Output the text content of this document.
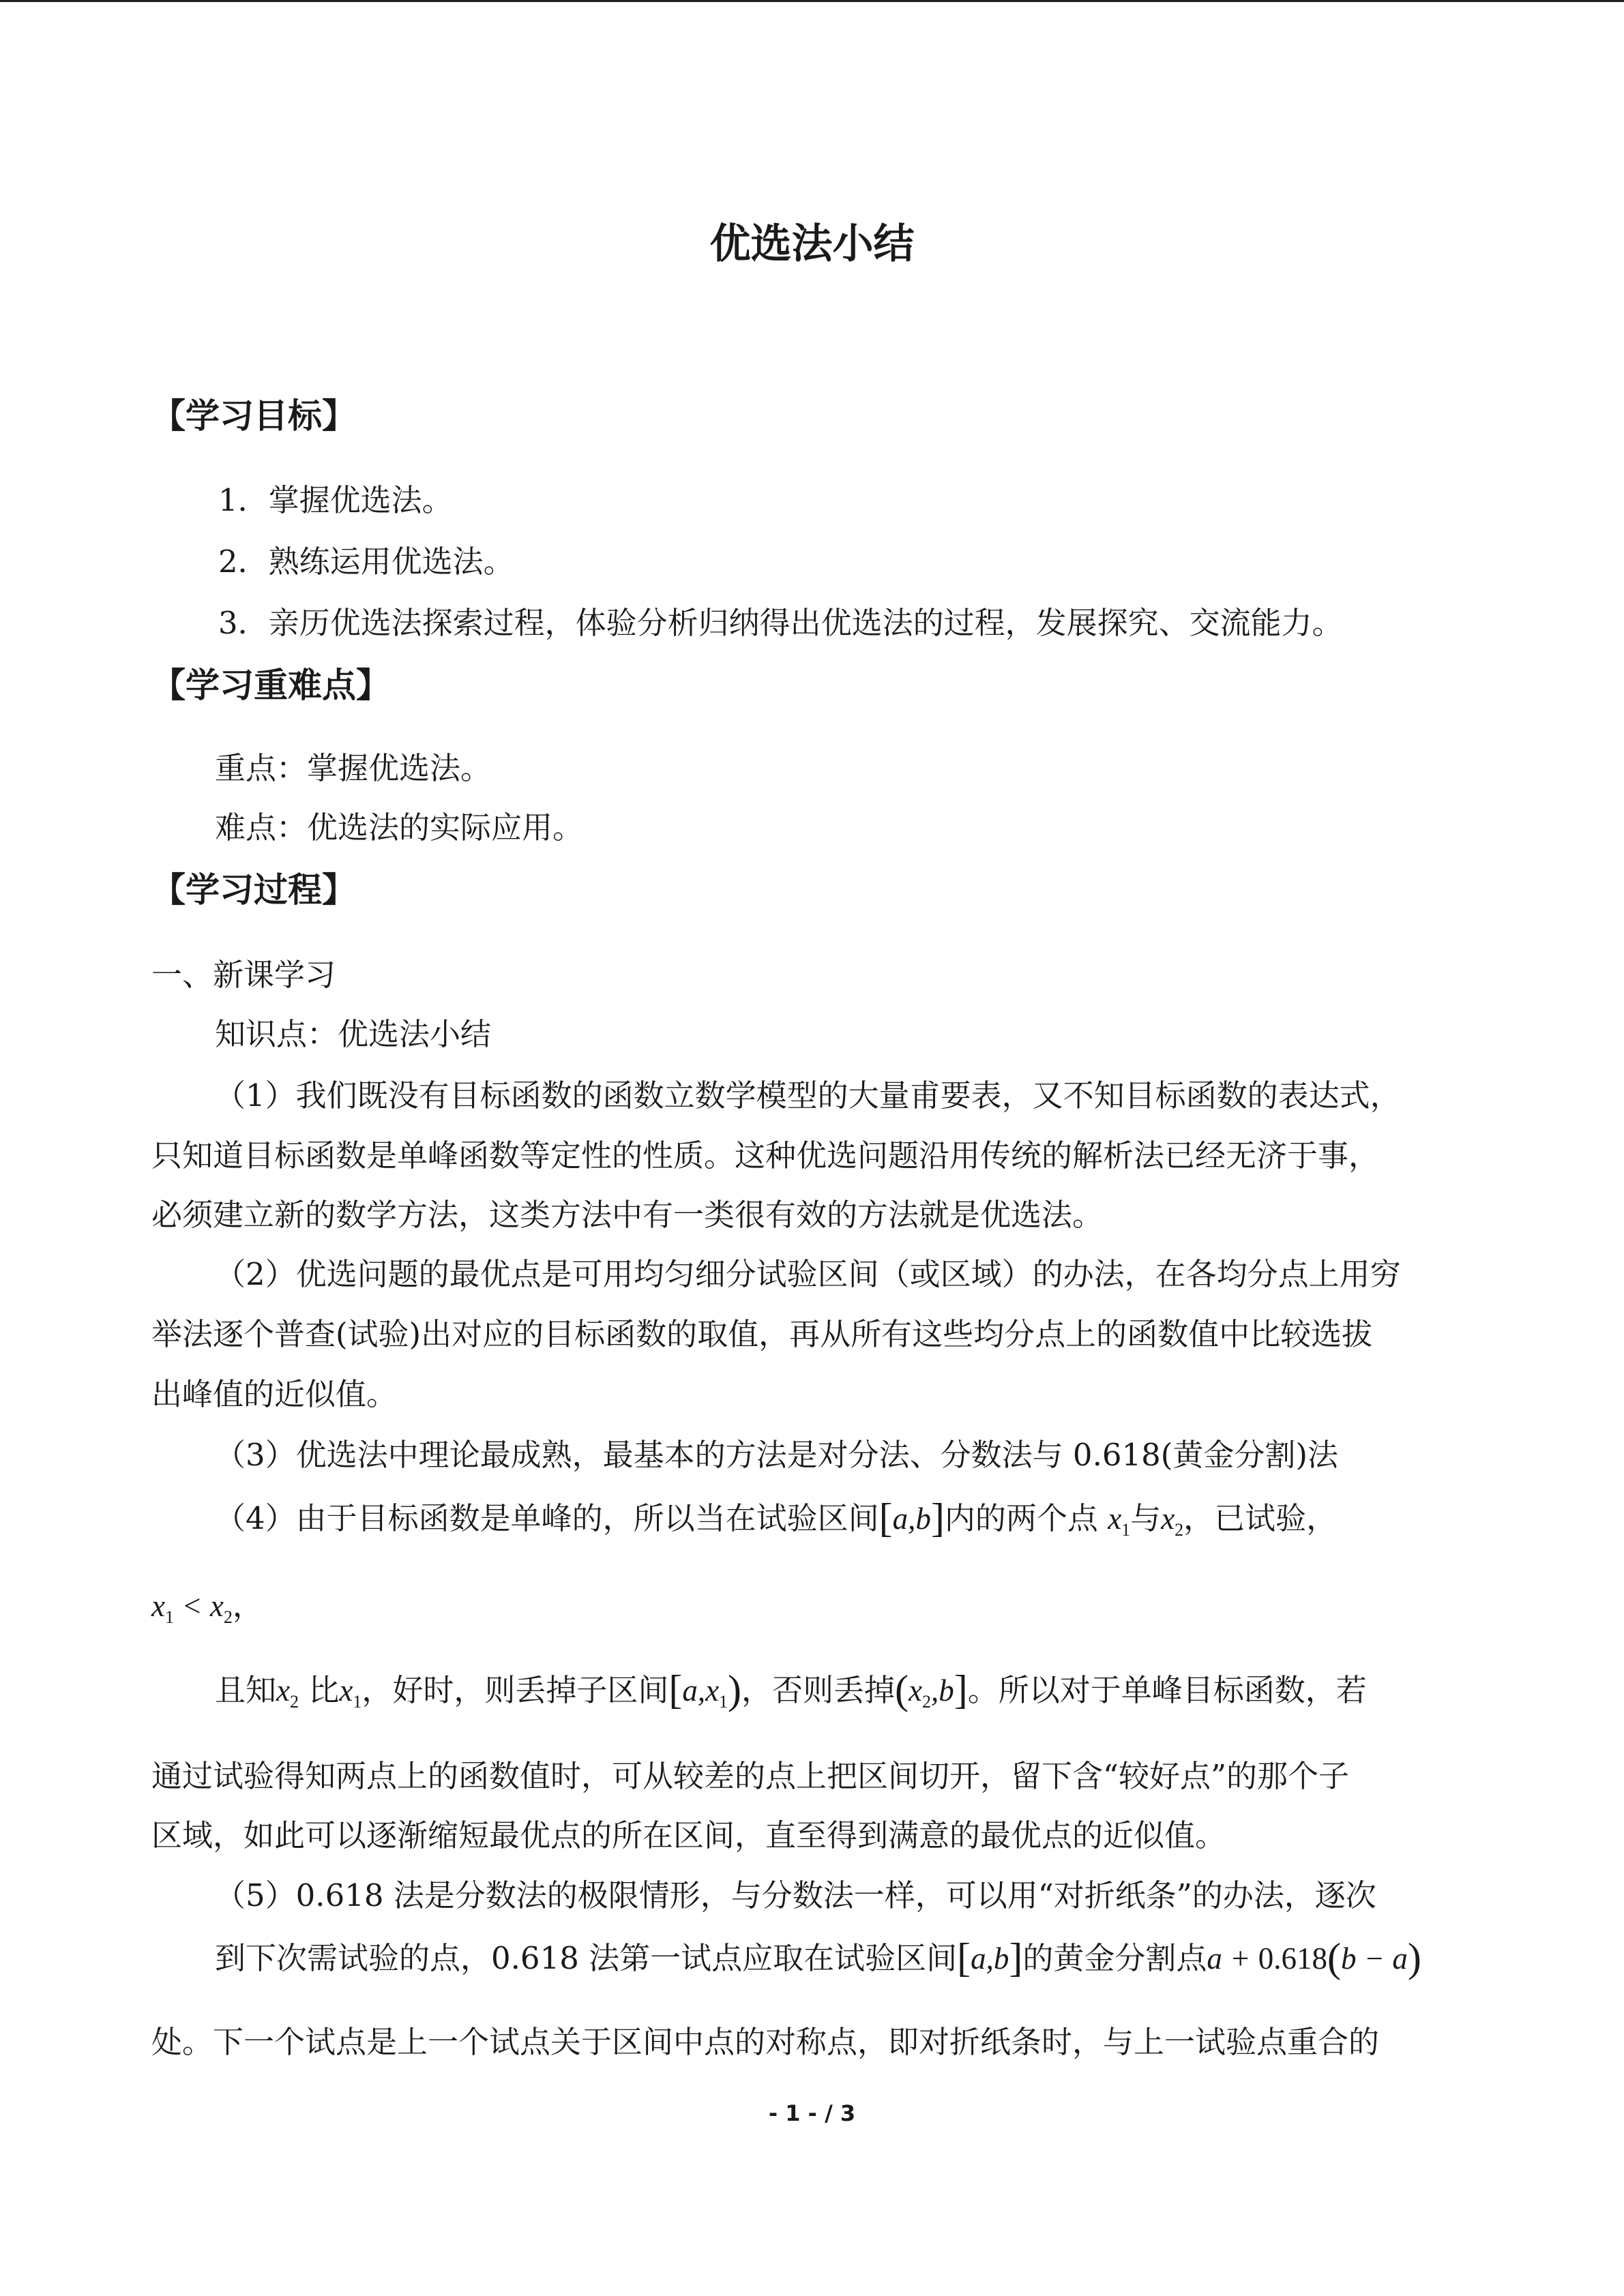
优选法小结
【学习目标】
1．掌握优选法。
2．熟练运用优选法。
3．亲历优选法探索过程，体验分析归纳得出优选法的过程，发展探究、交流能力。
【学习重难点】
重点：掌握优选法。
难点：优选法的实际应用。
【学习过程】
一、新课学习
知识点：优选法小结
（1）我们既没有目标函数的函数立数学模型的大量甫要表，又不知目标函数的表达式，
只知道目标函数是单峰函数等定性的性质。这种优选问题沿用传统的解析法已经无济于事，
必须建立新的数学方法，这类方法中有一类很有效的方法就是优选法。
（2）优选问题的最优点是可用均匀细分试验区间（或区域）的办法，在各均分点上用穷
举法逐个普查(试验)出对应的目标函数的取值，再从所有这些均分点上的函数值中比较选拔
出峰值的近似值。
（3）优选法中理论最成熟，最基本的方法是对分法、分数法与 0.618(黄金分割)法
（4）由于目标函数是单峰的，所以当在试验区间[a,b]内的两个点 $x_1$与$x_2$，已试验，
$x_1 < x_2$，
且知$x_2$ 比$x_1$，好时，则丢掉子区间$[a,x_1)$，否则丢掉$(x_2,b]$。所以对于单峰目标函数，若
通过试验得知两点上的函数值时，可从较差的点上把区间切开，留下含“较好点”的那个子
区域，如此可以逐渐缩短最优点的所在区间，直至得到满意的最优点的近似值。
（5）0.618 法是分数法的极限情形，与分数法一样，可以用“对折纸条”的办法，逐次
到下次需试验的点，0.618 法第一试点应取在试验区间[a,b]的黄金分割点a + 0.618(b − a)
处。下一个试点是上一个试点关于区间中点的对称点，即对折纸条时，与上一试验点重合的
- 1 - / 3
